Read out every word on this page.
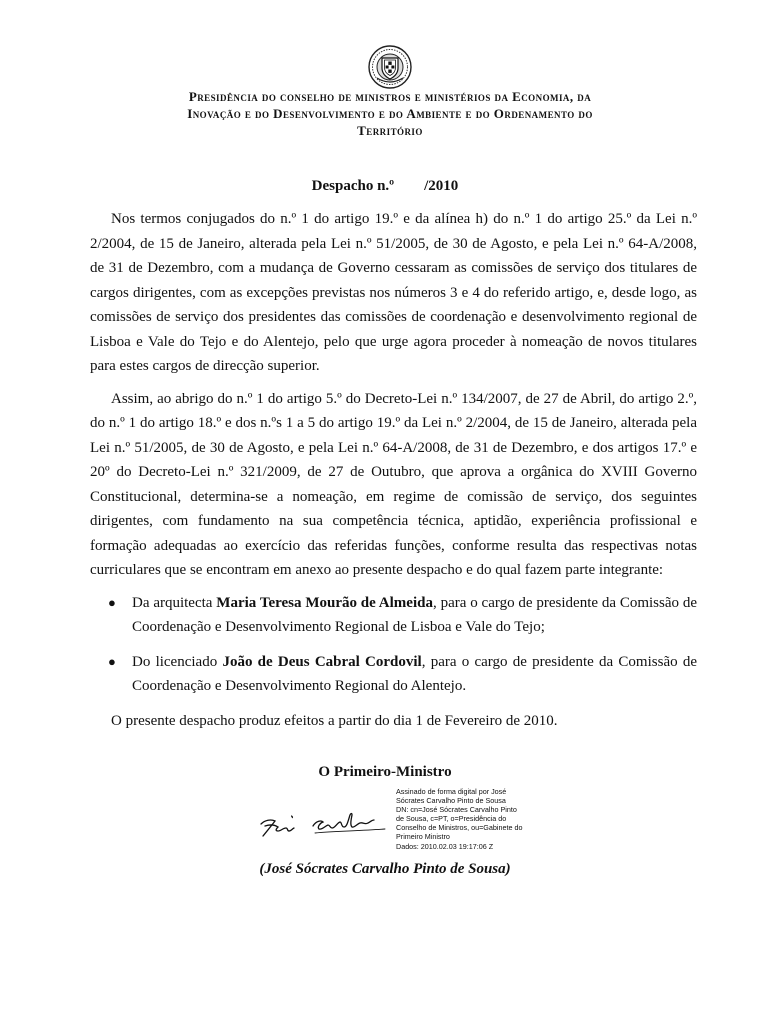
Presidência do conselho de ministros e ministérios da Economia, da
Inovação e do Desenvolvimento e do Ambiente e do Ordenamento do
Território
Despacho n.º /2010

Nos termos conjugados do n.º 1 do artigo 19.º e da alínea h) do n.º 1 do artigo 25.º da Lei n.º 2/2004, de 15 de Janeiro, alterada pela Lei n.º 51/2005, de 30 de Agosto, e pela Lei n.º 64-A/2008, de 31 de Dezembro, com a mudança de Governo cessaram as comissões de serviço dos titulares de cargos dirigentes, com as excepções previstas nos números 3 e 4 do referido artigo, e, desde logo, as comissões de serviço dos presidentes das comissões de coordenação e desenvolvimento regional de Lisboa e Vale do Tejo e do Alentejo, pelo que urge agora proceder à nomeação de novos titulares para estes cargos de direcção superior.

Assim, ao abrigo do n.º 1 do artigo 5.º do Decreto-Lei n.º 134/2007, de 27 de Abril, do artigo 2.º, do n.º 1 do artigo 18.º e dos n.ºs 1 a 5 do artigo 19.º da Lei n.º 2/2004, de 15 de Janeiro, alterada pela Lei n.º 51/2005, de 30 de Agosto, e pela Lei n.º 64-A/2008, de 31 de Dezembro, e dos artigos 17.º e 20º do Decreto-Lei n.º 321/2009, de 27 de Outubro, que aprova a orgânica do XVIII Governo Constitucional, determina-se a nomeação, em regime de comissão de serviço, dos seguintes dirigentes, com fundamento na sua competência técnica, aptidão, experiência profissional e formação adequadas ao exercício das referidas funções, conforme resulta das respectivas notas curriculares que se encontram em anexo ao presente despacho e do qual fazem parte integrante:

● Da arquitecta Maria Teresa Mourão de Almeida, para o cargo de presidente da Comissão de Coordenação e Desenvolvimento Regional de Lisboa e Vale do Tejo;
● Do licenciado João de Deus Cabral Cordovil, para o cargo de presidente da Comissão de Coordenação e Desenvolvimento Regional do Alentejo.

O presente despacho produz efeitos a partir do dia 1 de Fevereiro de 2010.

O Primeiro-Ministro
Assinado de forma digital por José
Sócrates Carvalho Pinto de Sousa
DN: cn=José Sócrates Carvalho Pinto
de Sousa, c=PT, o=Presidência do
Conselho de Ministros, ou=Gabinete do
Primeiro Ministro
Dados: 2010.02.03 19:17:06 Z
(José Sócrates Carvalho Pinto de Sousa)
